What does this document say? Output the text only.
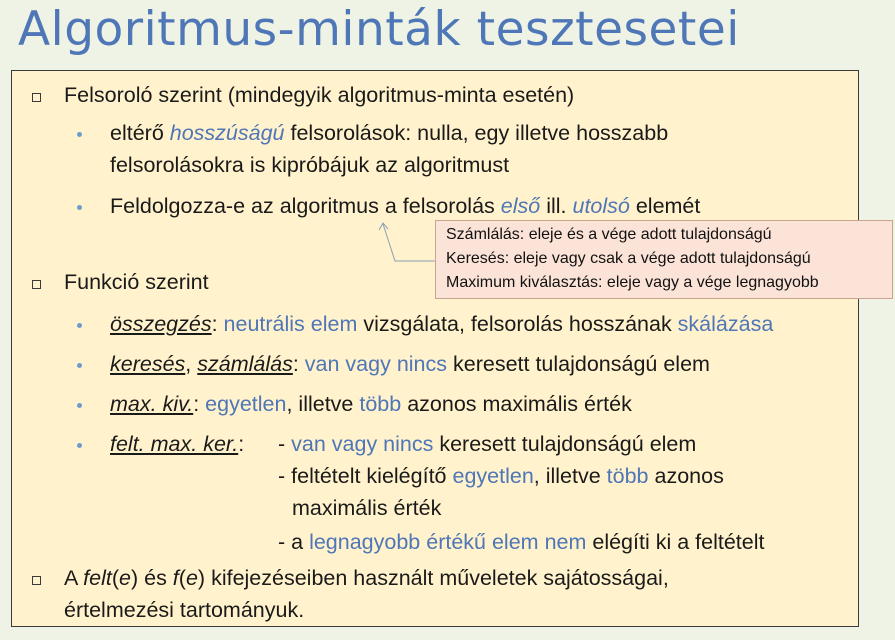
Algoritmus-minták tesztesetei
Felsoroló szerint (mindegyik algoritmus-minta esetén)
eltérő hosszúságú felsorolások: nulla, egy illetve hosszabb
felsorolásokra is kipróbájuk az algoritmust
Feldolgozza-e az algoritmus a felsorolás első ill. utolsó elemét
Számlálás: eleje és a vége adott tulajdonságú
Keresés: eleje vagy csak a vége adott tulajdonságú
Maximum kiválasztás: eleje vagy a vége legnagyobb
Funkció szerint
összegzés: neutrális elem vizsgálata, felsorolás hosszának skálázása
keresés, számlálás: van vagy nincs keresett tulajdonságú elem
max. kiv.: egyetlen, illetve több azonos maximális érték
felt. max. ker.: - van vagy nincs keresett tulajdonságú elem
- feltételt kielégítő egyetlen, illetve több azonos
maximális érték
- a legnagyobb értékű elem nem elégíti ki a feltételt
A felt(e) és f(e) kifejezéseiben használt műveletek sajátosságai,
értelmezési tartományuk.
